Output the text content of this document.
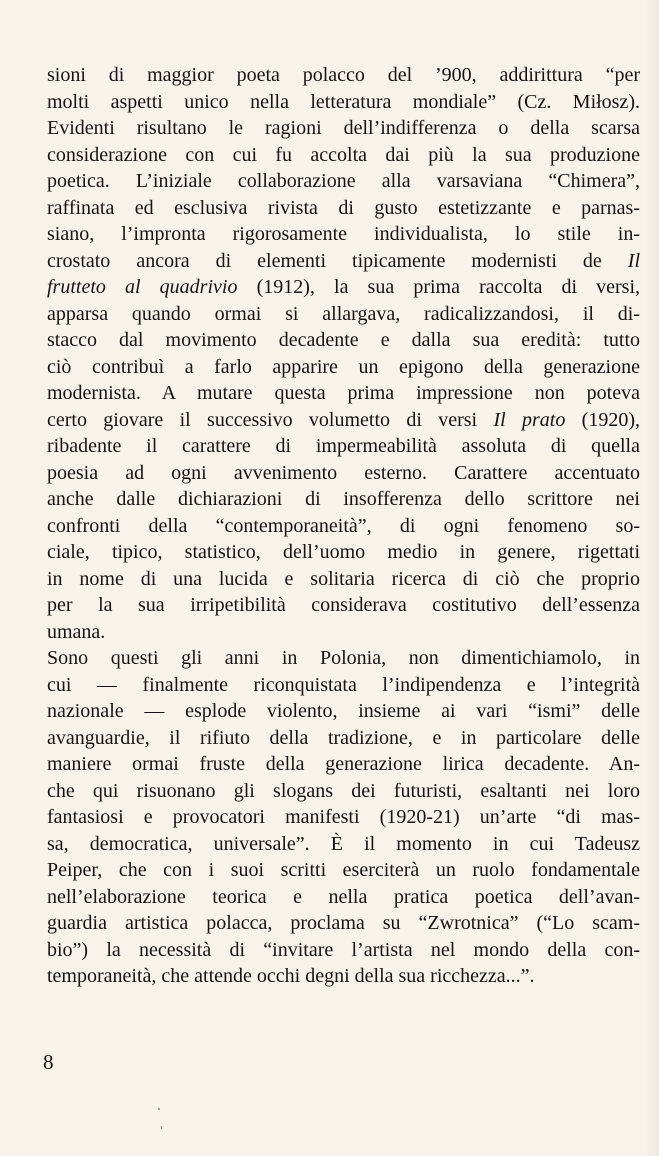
sioni di maggior poeta polacco del ’900, addirittura “per
molti aspetti unico nella letteratura mondiale” (Cz. Miłosz).
Evidenti risultano le ragioni dell’indifferenza o della scarsa
considerazione con cui fu accolta dai più la sua produzione
poetica. L’iniziale collaborazione alla varsaviana “Chimera”,
raffinata ed esclusiva rivista di gusto estetizzante e parnas-
siano, l’impronta rigorosamente individualista, lo stile in-
crostato ancora di elementi tipicamente modernisti de Il
frutteto al quadrivio (1912), la sua prima raccolta di versi,
apparsa quando ormai si allargava, radicalizzandosi, il di-
stacco dal movimento decadente e dalla sua eredità: tutto
ciò contribuì a farlo apparire un epigono della generazione
modernista. A mutare questa prima impressione non poteva
certo giovare il successivo volumetto di versi Il prato (1920),
ribadente il carattere di impermeabilità assoluta di quella
poesia ad ogni avvenimento esterno. Carattere accentuato
anche dalle dichiarazioni di insofferenza dello scrittore nei
confronti della “contemporaneità”, di ogni fenomeno so-
ciale, tipico, statistico, dell’uomo medio in genere, rigettati
in nome di una lucida e solitaria ricerca di ciò che proprio
per la sua irripetibilità considerava costitutivo dell’essenza
umana.
Sono questi gli anni in Polonia, non dimentichiamolo, in
cui — finalmente riconquistata l’indipendenza e l’integrità
nazionale — esplode violento, insieme ai vari “ismi” delle
avanguardie, il rifiuto della tradizione, e in particolare delle
maniere ormai fruste della generazione lirica decadente. An-
che qui risuonano gli slogans dei futuristi, esaltanti nei loro
fantasiosi e provocatori manifesti (1920-21) un’arte “di mas-
sa, democratica, universale”. È il momento in cui Tadeusz
Peiper, che con i suoi scritti eserciterà un ruolo fondamentale
nell’elaborazione teorica e nella pratica poetica dell’avan-
guardia artistica polacca, proclama su “Zwrotnica” (“Lo scam-
bio”) la necessità di “invitare l’artista nel mondo della con-
temporaneità, che attende occhi degni della sua ricchezza...”.
8
